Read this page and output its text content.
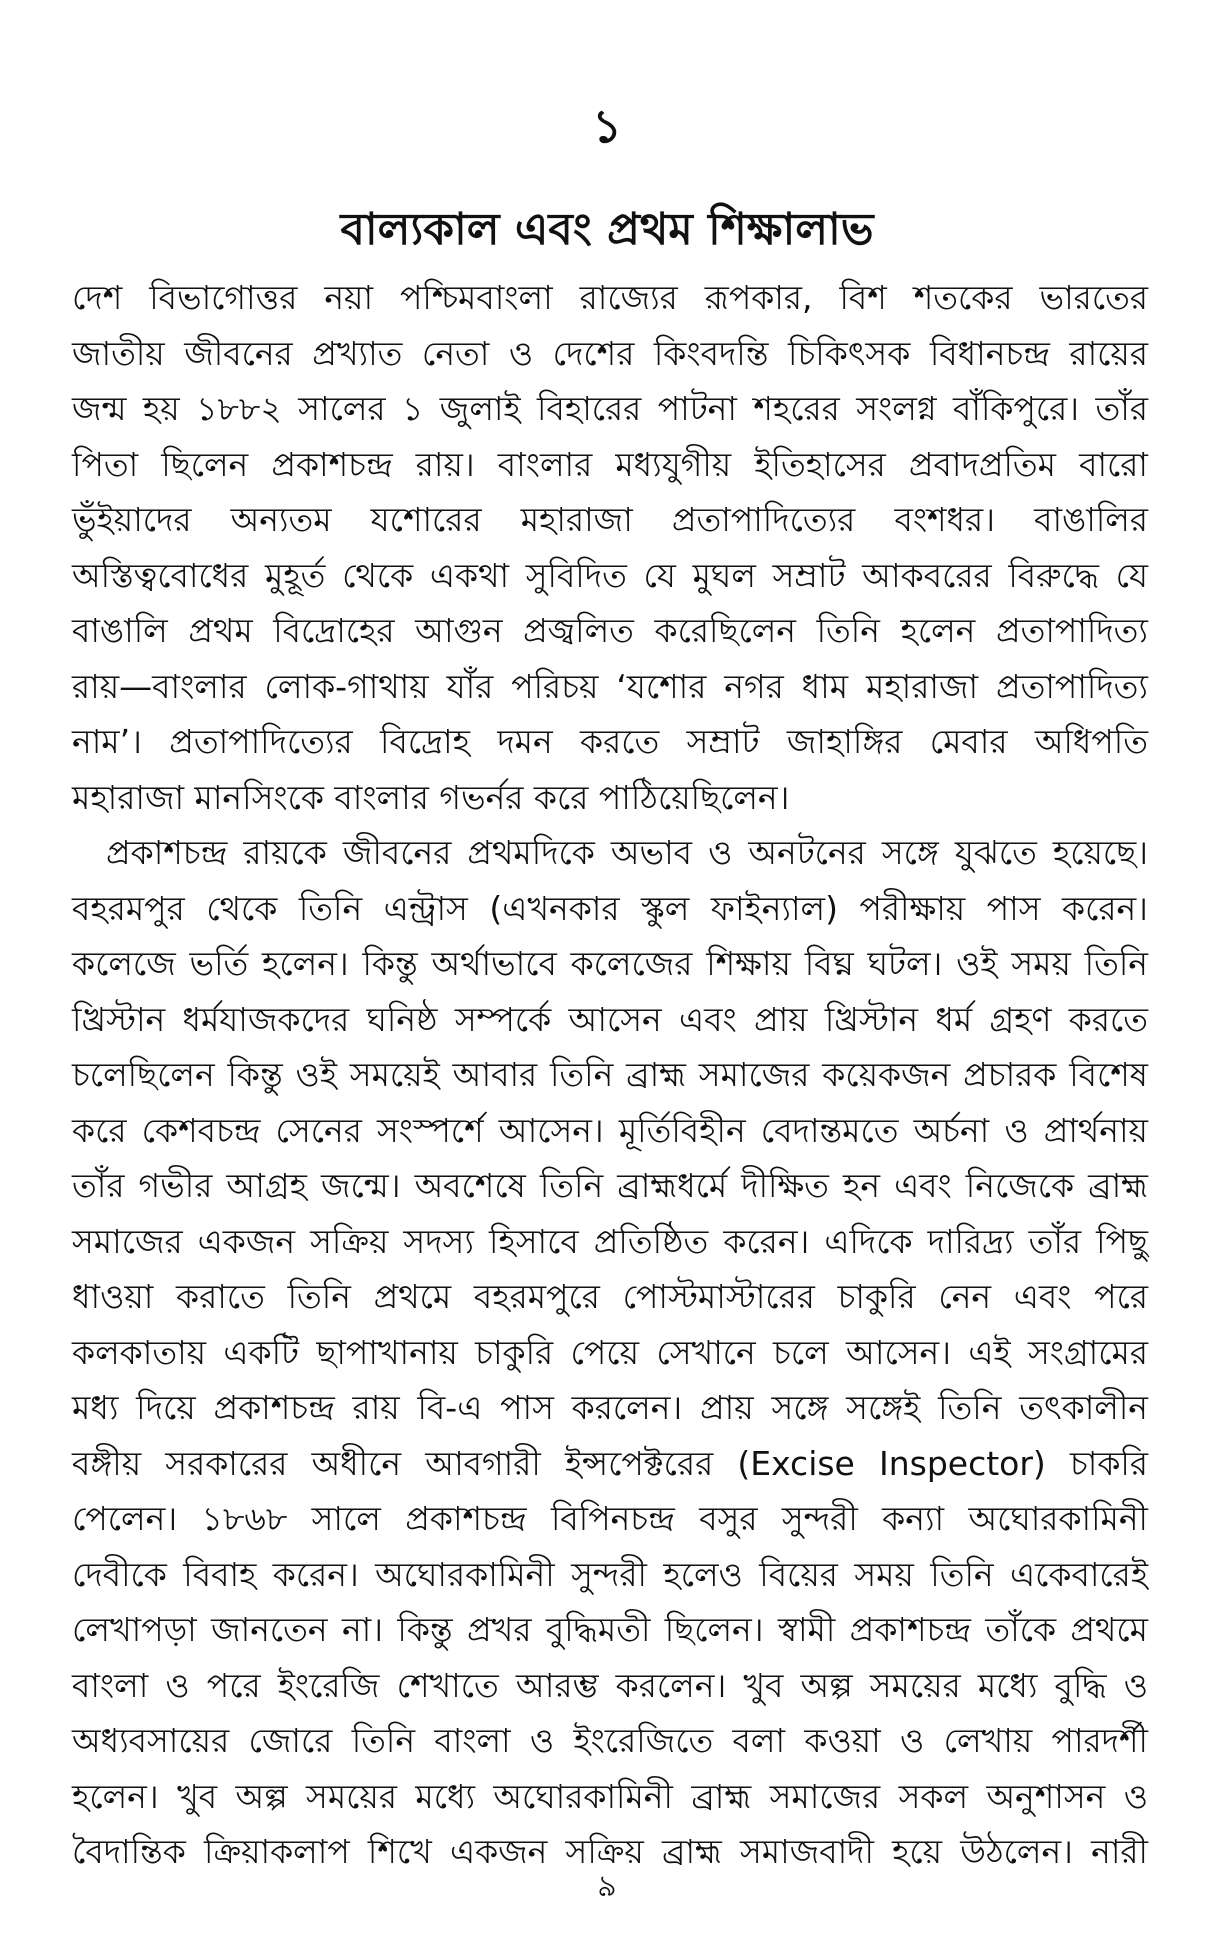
১
বাল্যকাল এবং প্রথম শিক্ষালাভ
দেশ বিভাগোত্তর নয়া পশ্চিমবাংলা রাজ্যের রূপকার, বিশ শতকের ভারতের
জাতীয় জীবনের প্রখ্যাত নেতা ও দেশের কিংবদন্তি চিকিৎসক বিধানচন্দ্র রায়ের
জন্ম হয় ১৮৮২ সালের ১ জুলাই বিহারের পাটনা শহরের সংলগ্ন বাঁকিপুরে। তাঁর
পিতা ছিলেন প্রকাশচন্দ্র রায়। বাংলার মধ্যযুগীয় ইতিহাসের প্রবাদপ্রতিম বারো
ভুঁইয়াদের অন্যতম যশোরের মহারাজা প্রতাপাদিত্যের বংশধর। বাঙালির
অস্তিত্ববোধের মুহূর্ত থেকে একথা সুবিদিত যে মুঘল সম্রাট আকবরের বিরুদ্ধে যে
বাঙালি প্রথম বিদ্রোহের আগুন প্রজ্বলিত করেছিলেন তিনি হলেন প্রতাপাদিত্য
রায়—বাংলার লোক-গাথায় যাঁর পরিচয় ‘যশোর নগর ধাম মহারাজা প্রতাপাদিত্য
নাম’। প্রতাপাদিত্যের বিদ্রোহ দমন করতে সম্রাট জাহাঙ্গির মেবার অধিপতি
মহারাজা মানসিংকে বাংলার গভর্নর করে পাঠিয়েছিলেন।
প্রকাশচন্দ্র রায়কে জীবনের প্রথমদিকে অভাব ও অনটনের সঙ্গে যুঝতে হয়েছে।
বহরমপুর থেকে তিনি এন্ট্রাস (এখনকার স্কুল ফাইন্যাল) পরীক্ষায় পাস করেন।
কলেজে ভর্তি হলেন। কিন্তু অর্থাভাবে কলেজের শিক্ষায় বিঘ্ন ঘটল। ওই সময় তিনি
খ্রিস্টান ধর্মযাজকদের ঘনিষ্ঠ সম্পর্কে আসেন এবং প্রায় খ্রিস্টান ধর্ম গ্রহণ করতে
চলেছিলেন কিন্তু ওই সময়েই আবার তিনি ব্রাহ্ম সমাজের কয়েকজন প্রচারক বিশেষ
করে কেশবচন্দ্র সেনের সংস্পর্শে আসেন। মূর্তিবিহীন বেদান্তমতে অর্চনা ও প্রার্থনায়
তাঁর গভীর আগ্রহ জন্মে। অবশেষে তিনি ব্রাহ্মধর্মে দীক্ষিত হন এবং নিজেকে ব্রাহ্ম
সমাজের একজন সক্রিয় সদস্য হিসাবে প্রতিষ্ঠিত করেন। এদিকে দারিদ্র্য তাঁর পিছু
ধাওয়া করাতে তিনি প্রথমে বহরমপুরে পোস্টমাস্টারের চাকুরি নেন এবং পরে
কলকাতায় একটি ছাপাখানায় চাকুরি পেয়ে সেখানে চলে আসেন। এই সংগ্রামের
মধ্য দিয়ে প্রকাশচন্দ্র রায় বি-এ পাস করলেন। প্রায় সঙ্গে সঙ্গেই তিনি তৎকালীন
বঙ্গীয় সরকারের অধীনে আবগারী ইন্সপেক্টরের (Excise Inspector) চাকরি
পেলেন। ১৮৬৮ সালে প্রকাশচন্দ্র বিপিনচন্দ্র বসুর সুন্দরী কন্যা অঘোরকামিনী
দেবীকে বিবাহ করেন। অঘোরকামিনী সুন্দরী হলেও বিয়ের সময় তিনি একেবারেই
লেখাপড়া জানতেন না। কিন্তু প্রখর বুদ্ধিমতী ছিলেন। স্বামী প্রকাশচন্দ্র তাঁকে প্রথমে
বাংলা ও পরে ইংরেজি শেখাতে আরম্ভ করলেন। খুব অল্প সময়ের মধ্যে বুদ্ধি ও
অধ্যবসায়ের জোরে তিনি বাংলা ও ইংরেজিতে বলা কওয়া ও লেখায় পারদর্শী
হলেন। খুব অল্প সময়ের মধ্যে অঘোরকামিনী ব্রাহ্ম সমাজের সকল অনুশাসন ও
বৈদান্তিক ক্রিয়াকলাপ শিখে একজন সক্রিয় ব্রাহ্ম সমাজবাদী হয়ে উঠলেন। নারী
৯
